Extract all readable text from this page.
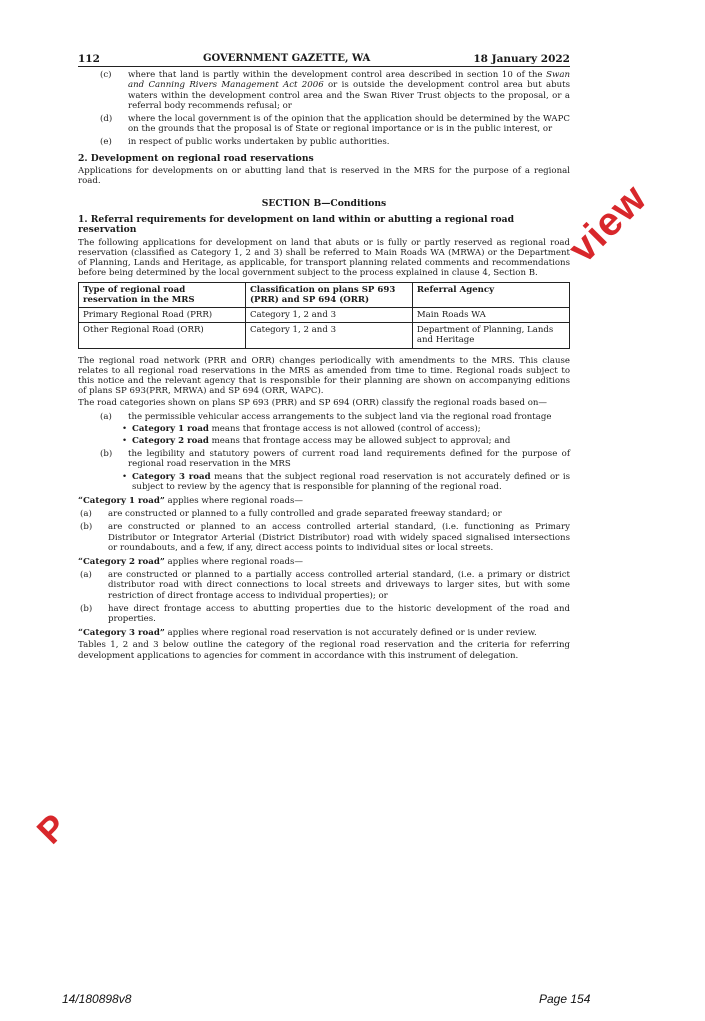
112	GOVERNMENT GAZETTE, WA	18 January 2022
(c)	where that land is partly within the development control area described in section 10 of the Swan and Canning Rivers Management Act 2006 or is outside the development control area but abuts waters within the development control area and the Swan River Trust objects to the proposal, or a referral body recommends refusal; or
(d)	where the local government is of the opinion that the application should be determined by the WAPC on the grounds that the proposal is of State or regional importance or is in the public interest, or
(e)	in respect of public works undertaken by public authorities.
2. Development on regional road reservations

Applications for developments on or abutting land that is reserved in the MRS for the purpose of a regional road.

SECTION B—Conditions
1. Referral requirements for development on land within or abutting a regional road reservation

The following applications for development on land that abuts or is fully or partly reserved as regional road reservation (classified as Category 1, 2 and 3) shall be referred to Main Roads WA (MRWA) or the Department of Planning, Lands and Heritage, as applicable, for transport planning related comments and recommendations before being determined by the local government subject to the process explained in clause 4, Section B.

Type of regional road reservation in the MRS	Classification on plans SP 693 (PRR) and SP 694 (ORR)	Referral Agency
Primary Regional Road (PRR)	Category 1, 2 and 3	Main Roads WA
Other Regional Road (ORR)	Category 1, 2 and 3	Department of Planning, Lands and Heritage

The regional road network (PRR and ORR) changes periodically with amendments to the MRS. This clause relates to all regional road reservations in the MRS as amended from time to time. Regional roads subject to this notice and the relevant agency that is responsible for their planning are shown on accompanying editions of plans SP 693(PRR, MRWA) and SP 694 (ORR, WAPC).

The road categories shown on plans SP 693 (PRR) and SP 694 (ORR) classify the regional roads based on—

(a)	the permissible vehicular access arrangements to the subject land via the regional road frontage
• Category 1 road means that frontage access is not allowed (control of access);
• Category 2 road means that frontage access may be allowed subject to approval; and
(b)	the legibility and statutory powers of current road land requirements defined for the purpose of regional road reservation in the MRS
• Category 3 road means that the subject regional road reservation is not accurately defined or is subject to review by the agency that is responsible for planning of the regional road.

“Category 1 road” applies where regional roads—

(a)	are constructed or planned to a fully controlled and grade separated freeway standard; or
(b)	are constructed or planned to an access controlled arterial standard, (i.e. functioning as Primary Distributor or Integrator Arterial (District Distributor) road with widely spaced signalised intersections or roundabouts, and a few, if any, direct access points to individual sites or local streets.

“Category 2 road” applies where regional roads—

(a)	are constructed or planned to a partially access controlled arterial standard, (i.e. a primary or district distributor road with direct connections to local streets and driveways to larger sites, but with some restriction of direct frontage access to individual properties); or
(b)	have direct frontage access to abutting properties due to the historic development of the road and properties.

“Category 3 road” applies where regional road reservation is not accurately defined or is under review.

Tables 1, 2 and 3 below outline the category of the regional road reservation and the criteria for referring development applications to agencies for comment in accordance with this instrument of delegation.

view
P
14/180898v8	Page 154
